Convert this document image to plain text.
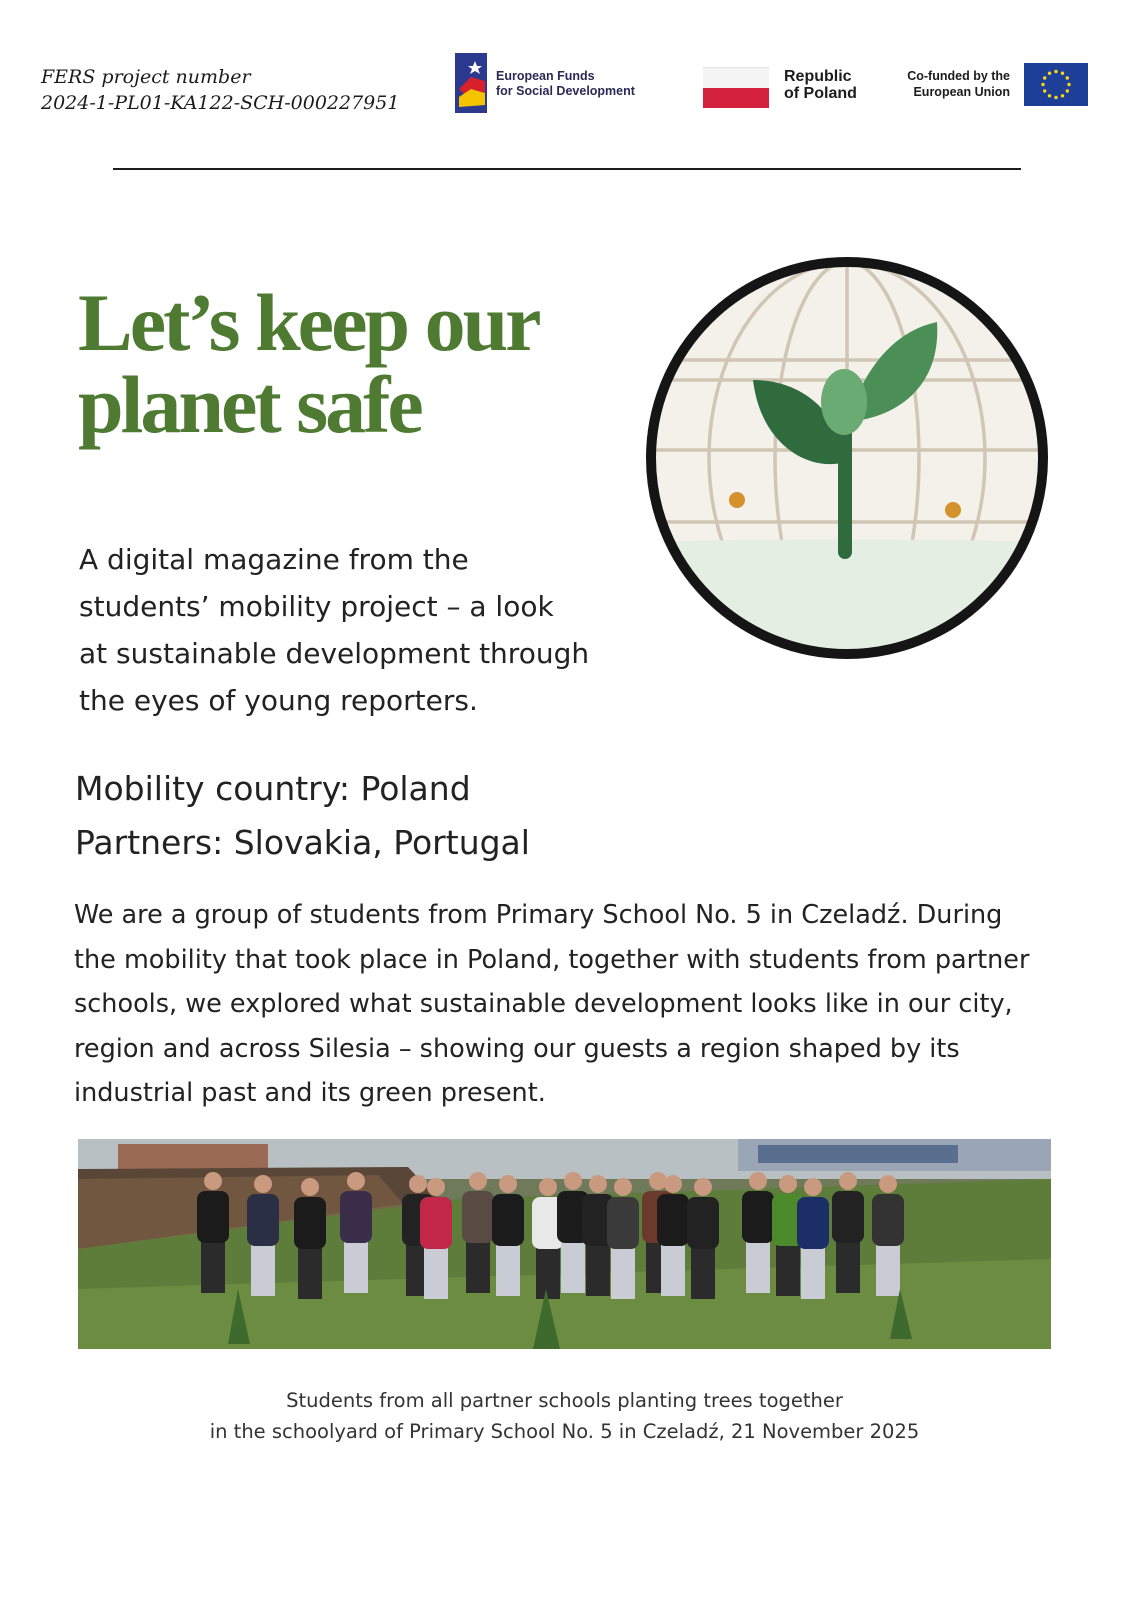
FERS project number
2024-1-PL01-KA122-SCH-000227951
European Funds
for Social Development
Republic
of Poland
Co-funded by the
European Union
Let’s keep our
planet safe
A digital magazine from the
students’ mobility project – a look
at sustainable development through
the eyes of young reporters.
Mobility country: Poland
Partners: Slovakia, Portugal
We are a group of students from Primary School No. 5 in Czeladź. During
the mobility that took place in Poland, together with students from partner
schools, we explored what sustainable development looks like in our city,
region and across Silesia – showing our guests a region shaped by its
industrial past and its green present.
Students from all partner schools planting trees together
in the schoolyard of Primary School No. 5 in Czeladź, 21 November 2025
